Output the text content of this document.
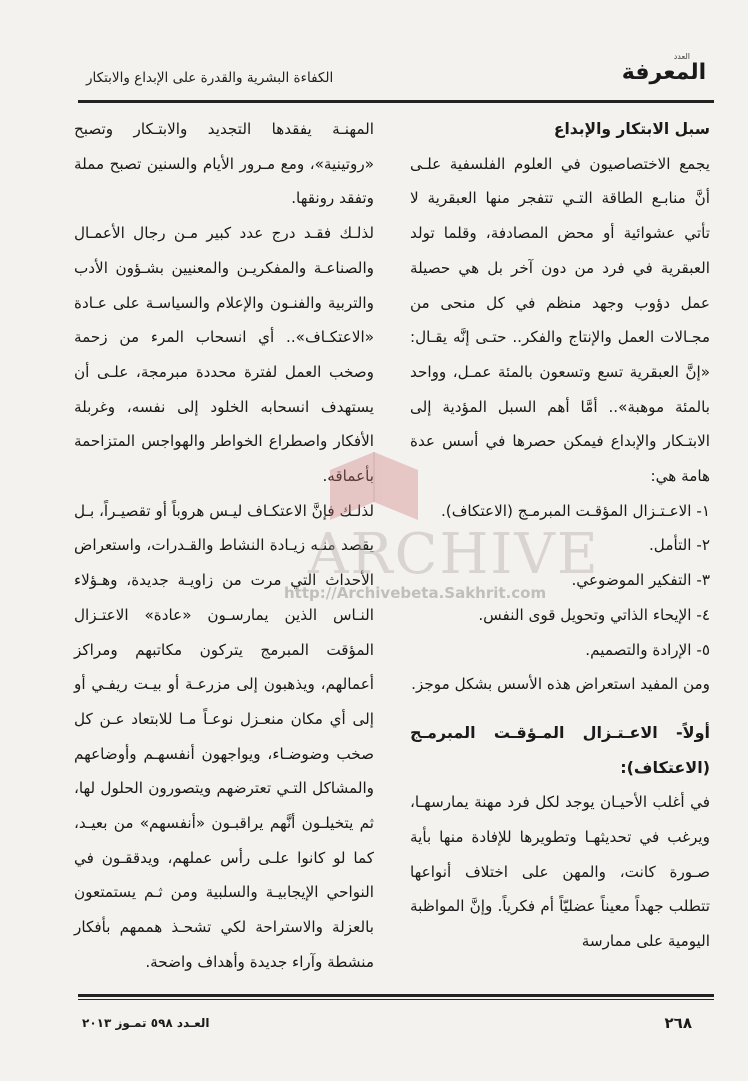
العدد
المعرفة
الكفاءة البشرية والقدرة على الإبداع والابتكار

سبل الابتكار والإبداع

يجمع الاختصاصيون في العلوم الفلسفية علـى أنَّ منابـع الطاقة التـي تتفجر منها العبقرية لا تأتي عشوائية أو محض المصادفة، وقلما تولد العبقرية في فرد من دون آخر بل هي حصيلة عمل دؤوب وجهد منظم في كل منحى من مجـالات العمل والإنتاج والفكر.. حتـى إنَّه يقـال: «إنَّ العبقرية تسع وتسعون بالمئة عمـل، وواحد بالمئة موهبة».. أمَّا أهم السبل المؤدية إلى الابتـكار والإبداع فيمكن حصرها في أسس عدة هامة هي:

١- الاعـتـزال المؤقـت المبرمـج (الاعتكاف).

٢- التأمل.

٣- التفكير الموضوعي.

٤- الإيحاء الذاتي وتحويل قوى النفس.

٥- الإرادة والتصميم.

ومن المفيد استعراض هذه الأسس بشكل موجز.

أولاً- الاعـتـزال المـؤقـت المبرمـج (الاعتكاف):

في أغلب الأحيـان يوجد لكل فرد مهنة يمارسهـا، ويرغب في تحديثهـا وتطويرها للإفادة منها بأية صـورة كانت، والمهن على اختلاف أنواعها تتطلب جهداً معيناً عضليّاً أم فكرياً. وإنَّ المواظبة اليومية على ممارسة

المهنـة يفقدها التجديد والابتـكار وتصبح «روتينية»، ومع مـرور الأيام والسنين تصبح مملة وتفقد رونقها.

لذلـك فقـد درج عدد كبير مـن رجال الأعمـال والصناعـة والمفكريـن والمعنيين بشـؤون الأدب والتربية والفنـون والإعلام والسياسـة على عـادة «الاعتكـاف».. أي انسحاب المرء من زحمة وصخب العمل لفترة محددة مبرمجة، علـى أن يستهدف انسحابه الخلود إلى نفسه، وغربلة الأفكار واصطراع الخواطر والهواجس المتزاحمة بأعماقه.

لذلـك فإنَّ الاعتكـاف ليـس هروباً أو تقصيـراً، بـل يقصد منـه زيـادة النشاط والقـدرات، واستعراض الأحداث التي مرت من زاويـة جديدة، وهـؤلاء النـاس الذين يمارسـون «عادة» الاعتـزال المؤقت المبرمج يتركون مكاتبهم ومراكز أعمالهم، ويذهبون إلى مزرعـة أو بيـت ريفـي أو إلى أي مكان منعـزل نوعـاً مـا للابتعاد عـن كل صخب وضوضـاء، ويواجهون أنفسهـم وأوضاعهم والمشاكل التـي تعترضهم ويتصورون الحلول لها، ثم يتخيلـون أنَّهم يراقبـون «أنفسهم» من بعيـد، كما لو كانوا علـى رأس عملهم، ويدققـون في النواحي الإيجابيـة والسلبية ومن ثـم يستمتعون بالعزلة والاستراحة لكي تشحـذ هممهم بأفكار منشطة وآراء جديدة وأهداف واضحة.

ARCHIVE
http://Archivebeta.Sakhrit.com
٢٦٨
العـدد ٥٩٨ تمـوز ٢٠١٣
